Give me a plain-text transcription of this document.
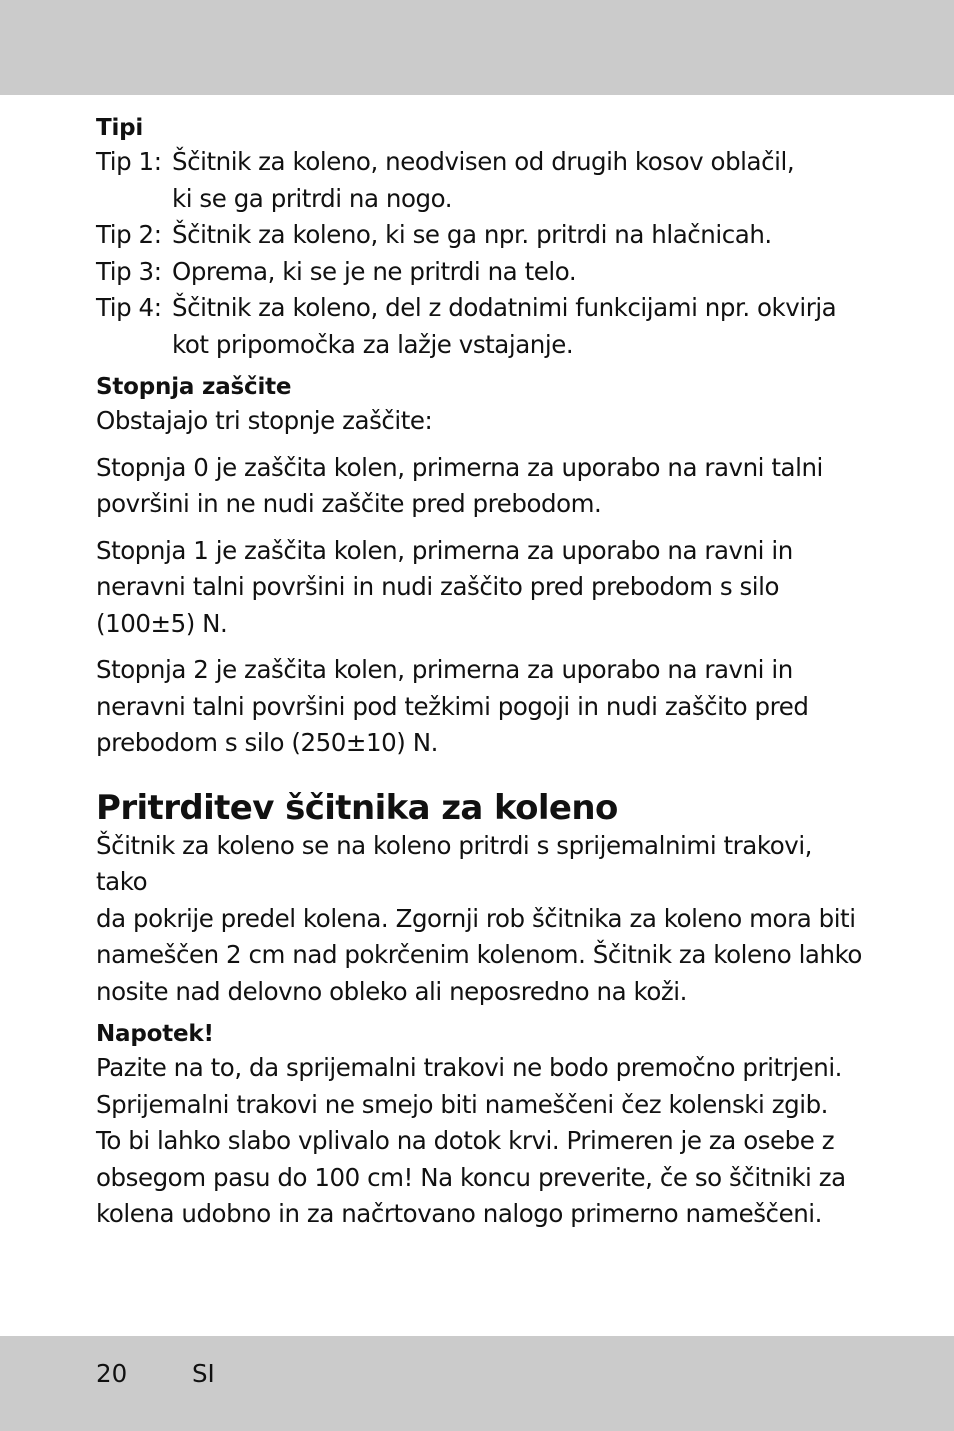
Tipi
Tip 1: Ščitnik za koleno, neodvisen od drugih kosov oblačil,
ki se ga pritrdi na nogo.
Tip 2: Ščitnik za koleno, ki se ga npr. pritrdi na hlačnicah.
Tip 3: Oprema, ki se je ne pritrdi na telo.
Tip 4: Ščitnik za koleno, del z dodatnimi funkcijami npr. okvirja
kot pripomočka za lažje vstajanje.
Stopnja zaščite
Obstajajo tri stopnje zaščite:
Stopnja 0 je zaščita kolen, primerna za uporabo na ravni talni
površini in ne nudi zaščite pred prebodom.
Stopnja 1 je zaščita kolen, primerna za uporabo na ravni in
neravni talni površini in nudi zaščito pred prebodom s silo
(100±5) N.
Stopnja 2 je zaščita kolen, primerna za uporabo na ravni in
neravni talni površini pod težkimi pogoji in nudi zaščito pred
prebodom s silo (250±10) N.
Pritrditev ščitnika za koleno
Ščitnik za koleno se na koleno pritrdi s sprijemalnimi trakovi, tako
da pokrije predel kolena. Zgornji rob ščitnika za koleno mora biti
nameščen 2 cm nad pokrčenim kolenom. Ščitnik za koleno lahko
nosite nad delovno obleko ali neposredno na koži.
Napotek!
Pazite na to, da sprijemalni trakovi ne bodo premočno pritrjeni.
Sprijemalni trakovi ne smejo biti nameščeni čez kolenski zgib.
To bi lahko slabo vplivalo na dotok krvi. Primeren je za osebe z
obsegom pasu do 100 cm! Na koncu preverite, če so ščitniki za
kolena udobno in za načrtovano nalogo primerno nameščeni.
20	SI
